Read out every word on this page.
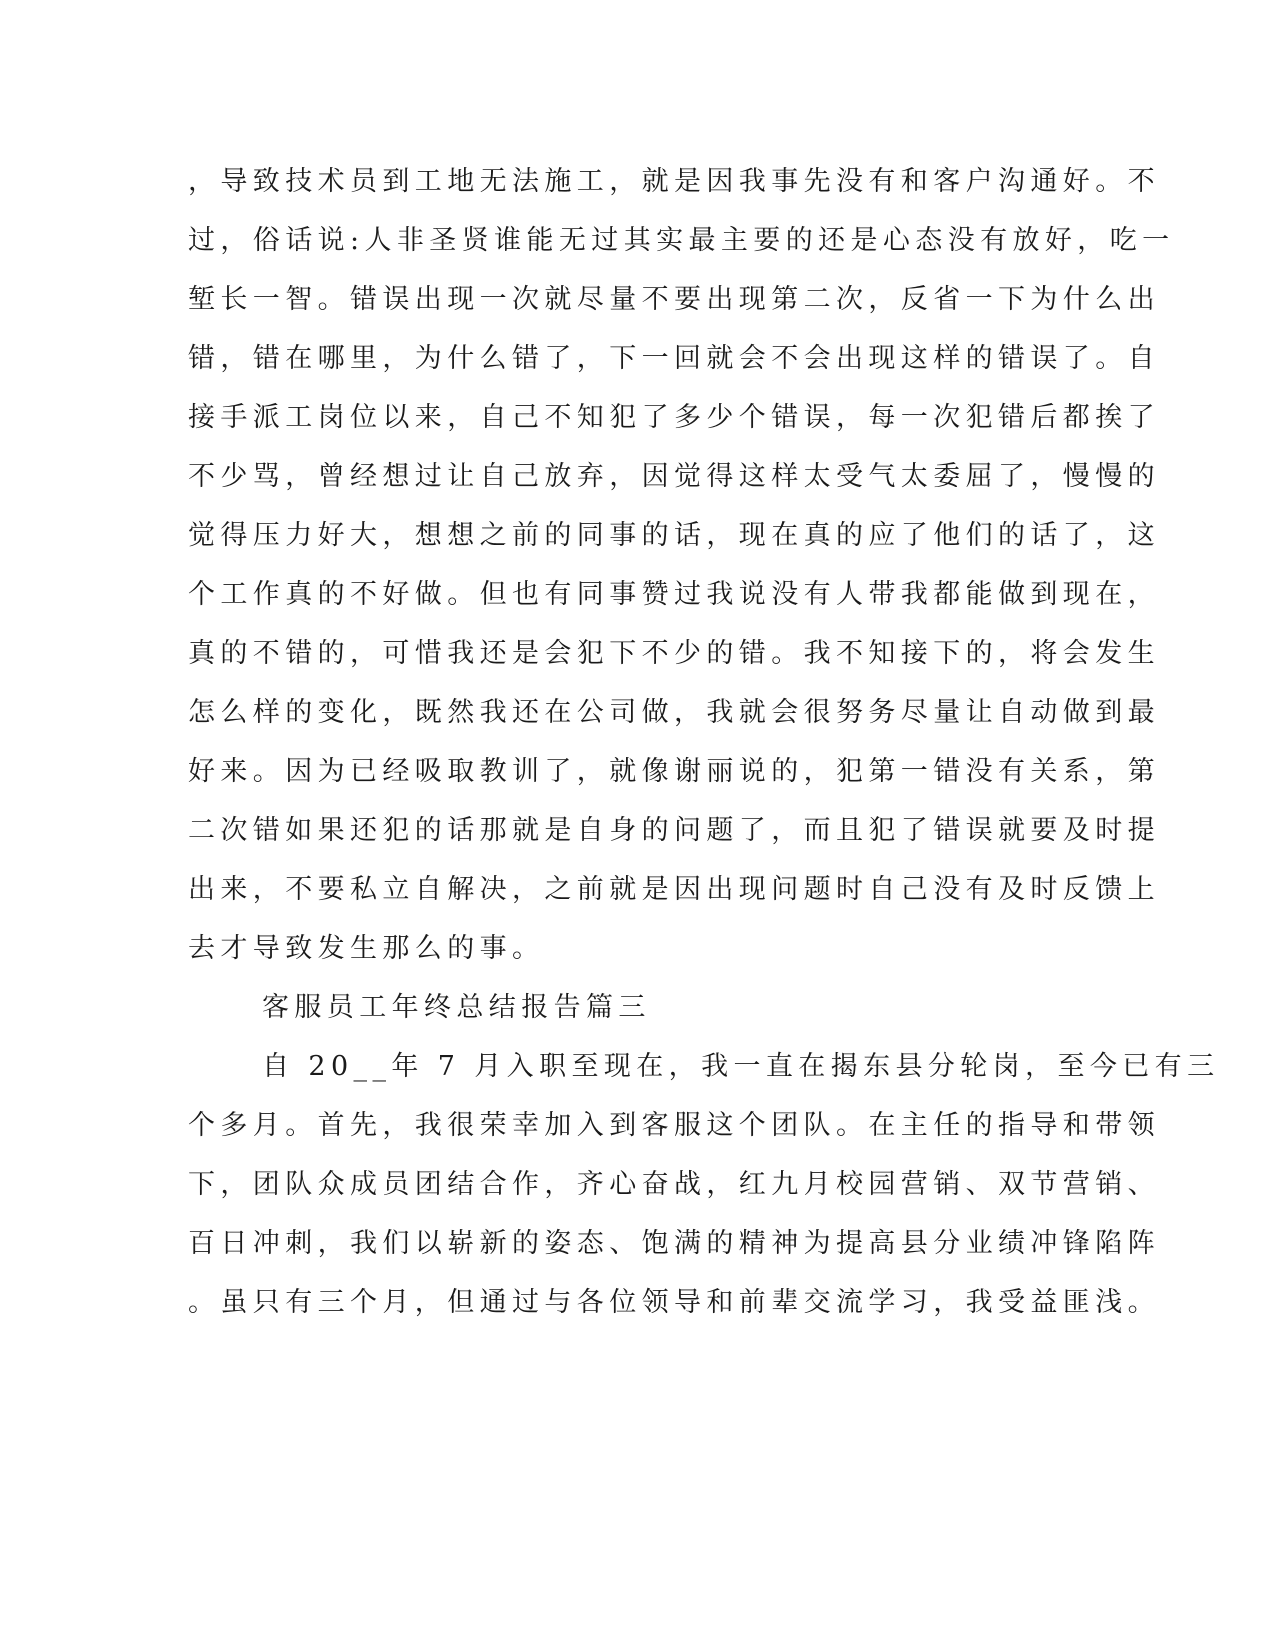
，导致技术员到工地无法施工，就是因我事先没有和客户沟通好。不
过，俗话说:人非圣贤谁能无过其实最主要的还是心态没有放好，吃一
堑长一智。错误出现一次就尽量不要出现第二次，反省一下为什么出
错，错在哪里，为什么错了，下一回就会不会出现这样的错误了。自
接手派工岗位以来，自己不知犯了多少个错误，每一次犯错后都挨了
不少骂，曾经想过让自己放弃，因觉得这样太受气太委屈了，慢慢的
觉得压力好大，想想之前的同事的话，现在真的应了他们的话了，这
个工作真的不好做。但也有同事赞过我说没有人带我都能做到现在，
真的不错的，可惜我还是会犯下不少的错。我不知接下的，将会发生
怎么样的变化，既然我还在公司做，我就会很努务尽量让自动做到最
好来。因为已经吸取教训了，就像谢丽说的，犯第一错没有关系，第
二次错如果还犯的话那就是自身的问题了，而且犯了错误就要及时提
出来，不要私立自解决，之前就是因出现问题时自己没有及时反馈上
去才导致发生那么的事。
客服员工年终总结报告篇三
自 20__年 7 月入职至现在，我一直在揭东县分轮岗，至今已有三
个多月。首先，我很荣幸加入到客服这个团队。在主任的指导和带领
下，团队众成员团结合作，齐心奋战，红九月校园营销、双节营销、
百日冲刺，我们以崭新的姿态、饱满的精神为提高县分业绩冲锋陷阵
。虽只有三个月，但通过与各位领导和前辈交流学习，我受益匪浅。
